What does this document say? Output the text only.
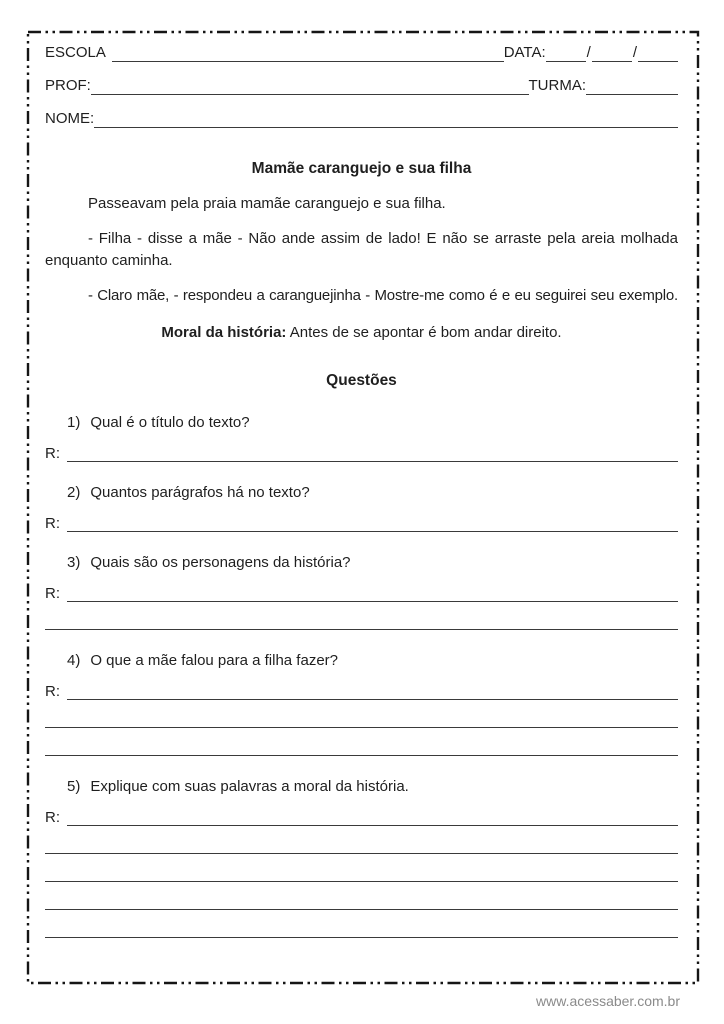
ESCOLA	DATA:	/	/
PROF:	TURMA:
NOME:
Mamãe caranguejo e sua filha

Passeavam pela praia mamãe caranguejo e sua filha.

- Filha - disse a mãe - Não ande assim de lado! E não se arraste pela areia molhada enquanto caminha.

- Claro mãe, - respondeu a caranguejinha - Mostre-me como é e eu seguirei seu exemplo.

Moral da história: Antes de se apontar é bom andar direito.
Questões
1) Qual é o título do texto?
R:
2) Quantos parágrafos há no texto?
R:
3) Quais são os personagens da história?
R:
4) O que a mãe falou para a filha fazer?
R:
5) Explique com suas palavras a moral da história.
R:
www.acessaber.com.br
